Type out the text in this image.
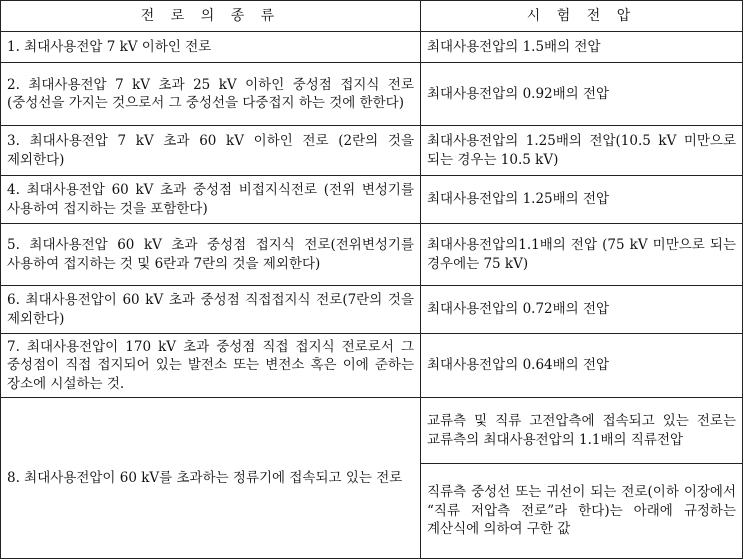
전 로 의 종 류	시 험 전 압
1. 최대사용전압 7 kV 이하인 전로	최대사용전압의 1.5배의 전압
2. 최대사용전압 7 kV 초과 25 kV 이하인 중성점 접지식 전로(중성선을 가지는 것으로서 그 중성선을 다중접지 하는 것에 한한다)	최대사용전압의 0.92배의 전압
3. 최대사용전압 7 kV 초과 60 kV 이하인 전로 (2란의 것을 제외한다)	최대사용전압의 1.25배의 전압(10.5 kV 미만으로 되는 경우는 10.5 kV)
4. 최대사용전압 60 kV 초과 중성점 비접지식전로 (전위 변성기를 사용하여 접지하는 것을 포함한다)	최대사용전압의 1.25배의 전압
5. 최대사용전압 60 kV 초과 중성점 접지식 전로(전위변성기를 사용하여 접지하는 것 및 6란과 7란의 것을 제외한다)	최대사용전압의1.1배의 전압 (75 kV 미만으로 되는 경우에는 75 kV)
6. 최대사용전압이 60 kV 초과 중성점 직접접지식 전로(7란의 것을 제외한다)	최대사용전압의 0.72배의 전압
7. 최대사용전압이 170 kV 초과 중성점 직접 접지식 전로로서 그 중성점이 직접 접지되어 있는 발전소 또는 변전소 혹은 이에 준하는 장소에 시설하는 것.	최대사용전압의 0.64배의 전압
8. 최대사용전압이 60 kV를 초과하는 정류기에 접속되고 있는 전로	교류측 및 직류 고전압측에 접속되고 있는 전로는 교류측의 최대사용전압의 1.1배의 직류전압
	직류측 중성선 또는 귀선이 되는 전로(이하 이장에서 “직류 저압측 전로”라 한다)는 아래에 규정하는 계산식에 의하여 구한 값
